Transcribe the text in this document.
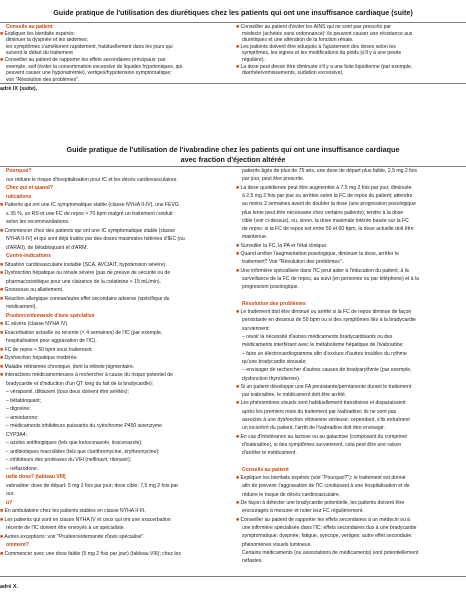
Guide pratique de l'utilisation des diurétiques chez les patients qui ont une insuffisance cardiaque (suite)
Conseils au patient
■ Expliquer les bienfaits espérés:
diminuer la dyspnée et les œdèmes;
les symptômes s'améliorent rapidement, habituellement dans les jours qui
suivent le début du traitement
■ Conseiller au patient de rapporter les effets secondaires principaux: par
exemple, soif (éviter la consommation excessive de liquides hypotoniques, qui
peuvent causer une hyponatrémie), vertiges/hypotension symptomatique;
voir "Résolution des problèmes".
■ Conseiller au patient d'éviter les AINS qui ne sont pas prescrits par
médecin (achetés sans ordonnance): ils peuvent causer une résistance aux
diurétiques et une altération de la fonction rénale.
■ Les patients doivent être éduqués à l'ajustement des doses selon les
symptômes, les signes et les modifications du poids (s'il y a une pesée
régulière).
■ La dose peut devoir être diminuée s'il y a une fuite liquidienne (par exemple,
diarrhée/vomissements, sudation excessive).
adré IX (suite).
Guide pratique de l'utilisation de l'ivabradine chez les patients qui ont une insuffisance cardiaque
avec fraction d'éjection altérée
Pourquoi?
our réduire le risque d'hospitalisation pour IC et les décès cardiovasculaires.
Chez qui et quand?
ndications
■ Patients qui ont une IC symptomatique stable (classe NYHA II-IV), une FEVG
≤ 35 %, un RS et une FC de repos > 70 bpm malgré un traitement conduit
selon les recommandations.
■ Commencer chez des patients qui ont une IC symptomatique stable (classe
NYHA II-IV) et qui sont déjà traités par des doses maximales tolérées d'IEC (ou
d'ARAII), de bêtabloquant et d'ARM.
Contre-indications
■ Situation cardiovasculaire instable (SCA, AVC/AIT, hypotension sévère).
■ Dysfonction hépatique ou rénale sévère (pas de preuve de sécurité ou de
pharmacocinétique pour une clairance de la créatinine < 15 mL/min).
■ Grossesse ou allaitement.
■ Réaction allergique connue/autre effet secondaire adverse (spécifique du
médicament).
Prudence/demande d'avis spécialisé
■ IC sévère (classe NYHA IV).
■ Exacerbation actuelle ou récente (< 4 semaines) de l'IC (par exemple,
hospitalisation pour aggravation de l'IC).
■ FC de repos < 50 bpm sous traitement.
■ Dysfonction hépatique modérée.
■ Maladie rétinienne chronique, dont la rétinite pigmentaire.
■ Interactions médicamenteuses à rechercher à cause du risque potentiel de
bradycardie et d'induction d'un QT long du fait de la bradycardie):
– vérapamil, diltiazem (tous deux doivent être arrêtés);
– bêtabloquant;
– digoxine;
– amiodarone;
– médicaments inhibiteurs puissants du cytochrome P450 isoenzyme
CYP3A4;
– azoles antifongiques (tels que ketoconazole, itraconazole);
– antibiotiques macrolides (tels que clarithromycine, érythromycine);
– inhibiteurs des protéases du VIH (nelfinavir, ritonavir);
– néfazodone.
uelle dose? (tableau VIII)
vabradine: dose de départ: 5 mg 2 fois par jour; dose cible: 7,5 mg 2 fois par
our.
ù?
■ En ambulatoire chez les patients stables en classe NYHA II-III.
■ Les patients qui sont en classe NYHA IV et ceux qui ont une exacerbation
récente de l'IC doivent être envoyés à un spécialiste.
■ Autres exceptions: voir "Prudence/demande d'avis spécialisé".
omment?
■ Commencer avec une dose faible (5 mg 2 fois par jour) (tableau VIII); chez les
patients âgés de plus de 75 ans, une dose de départ plus faible, 2,5 mg 2 fois
par jour, peut être prescrite.
■ La dose quotidienne peut être augmentée à 7,5 mg 2 fois par jour, diminuée
à 2,5 mg 2 fois par jour ou arrêtée selon la FC de repos du patient; attendre
au moins 2 semaines avant de doubler la dose (une progression posologique
plus lente peut être nécessaire chez certains patients); tendre à la dose
cible (voir ci-dessus), ou, sinon, la dose maximale tolérée basée sur la FC
de repos: si la FC de repos est entre 50 et 60 bpm, la dose actuelle doit être
maintenue.
■ Surveiller la FC, la PA et l'état clinique.
■ Quand arrêter l'augmentation posologique, diminuer la dose, arrêter le
traitement? Voir "Résolution des problèmes".
■ Une infirmière spécialisée dans l'IC peut aider à l'éducation du patient, à la
surveillance de la FC de repos, au suivi (en personne ou par téléphone) et à la
progression posologique.
Résolution des problèmes
■ Le traitement doit être diminué ou arrêté si la FC de repos diminue de façon
persistante en dessous de 50 bpm ou si des symptômes liés à la bradycardie
surviennent:
– revoir la nécessité d'autres médicaments bradycardisants ou des
médicaments interférant avec le métabolisme hépatique de l'ivabradine;
– faire un électrocardiogramme afin d'exclure d'autres troubles du rythme
qu'une bradycardie sinusale;
– envisager de rechercher d'autres causes de bradyarythmie (par exemple,
dysfonction thyroïdienne).
■ Si un patient développe une FA persistante/permanente durant le traitement
par ivabradine, le médicament doit être arrêté.
■ Les phénomènes visuels sont habituellement transitoires et disparaissent
après les premiers mois du traitement par ivabradine; ils ne sont pas
associés à une dysfonction rétinienne sérieuse; cependant, s'ils entraînent
un inconfort du patient, l'arrêt de l'ivabradine doit être envisagé.
■ En cas d'intolérance au lactose ou au galactose (composant du comprimé
d'ivabradine), si des symptômes surviennent, cela peut être une raison
d'arrêter le médicament.
Conseils au patient
■ Expliquer les bienfaits espérés (voir "Pourquoi?"): le traitement est donné
afin de prévenir l'aggravation de l'IC conduisant à une hospitalisation et de
réduire le risque de décès cardiovasculaire.
■ De façon à détecter une bradycardie potentielle, les patients doivent être
encouragés à mesurer et noter leur FC régulièrement.
■ Conseiller au patient de rapporter les effets secondaires à un médecin ou à
une infirmière spécialisée dans l'IC; effets secondaires dus à une bradycardie
symptomatique: dyspnée, fatigue, syncope, vertiges; autre effet secondaire:
phénomènes visuels lumineux.
Certains médicaments (ou associations de médicaments) sont potentiellement
néfastes.
adré X.
